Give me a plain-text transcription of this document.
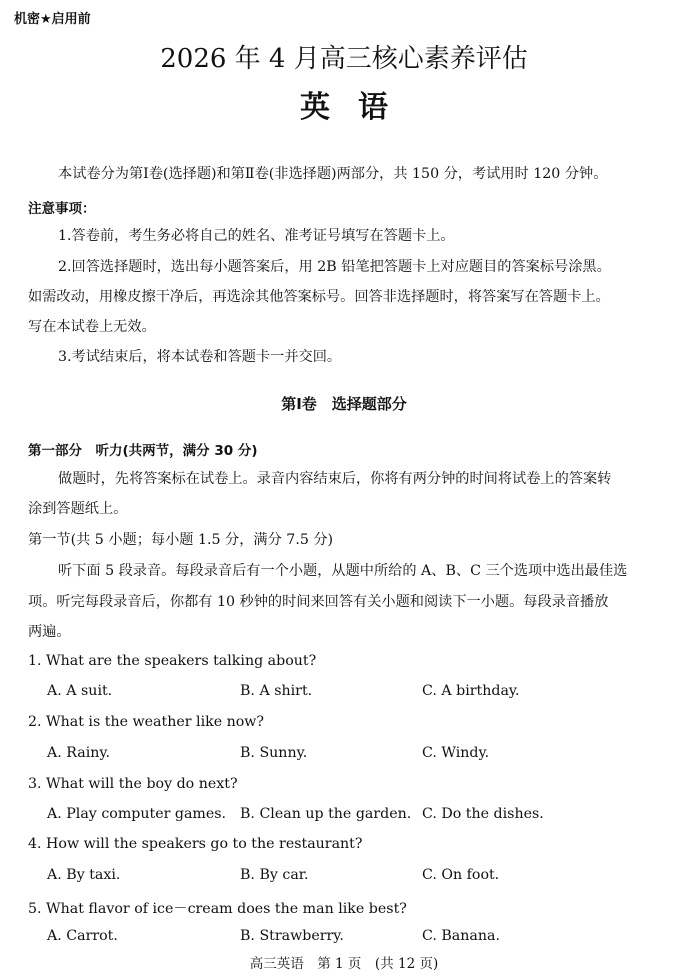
机密★启用前
2026 年 4 月高三核心素养评估
英语
本试卷分为第Ⅰ卷(选择题)和第Ⅱ卷(非选择题)两部分，共 150 分，考试用时 120 分钟。
注意事项：
1.答卷前，考生务必将自己的姓名、准考证号填写在答题卡上。
2.回答选择题时，选出每小题答案后，用 2B 铅笔把答题卡上对应题目的答案标号涂黑。
如需改动，用橡皮擦干净后，再选涂其他答案标号。回答非选择题时，将答案写在答题卡上。
写在本试卷上无效。
3.考试结束后，将本试卷和答题卡一并交回。
第Ⅰ卷　选择题部分
第一部分　听力(共两节，满分 30 分)
做题时，先将答案标在试卷上。录音内容结束后，你将有两分钟的时间将试卷上的答案转
涂到答题纸上。
第一节(共 5 小题；每小题 1.5 分，满分 7.5 分)
听下面 5 段录音。每段录音后有一个小题，从题中所给的 A、B、C 三个选项中选出最佳选
项。听完每段录音后，你都有 10 秒钟的时间来回答有关小题和阅读下一小题。每段录音播放
两遍。
1. What are the speakers talking about?
A. A suit.	B. A shirt.	C. A birthday.
2. What is the weather like now?
A. Rainy.	B. Sunny.	C. Windy.
3. What will the boy do next?
A. Play computer games. B. Clean up the garden. C. Do the dishes.
4. How will the speakers go to the restaurant?
A. By taxi.	B. By car.	C. On foot.
5. What flavor of ice－cream does the man like best?
A. Carrot.	B. Strawberry.	C. Banana.
高三英语　第 1 页　(共 12 页)
